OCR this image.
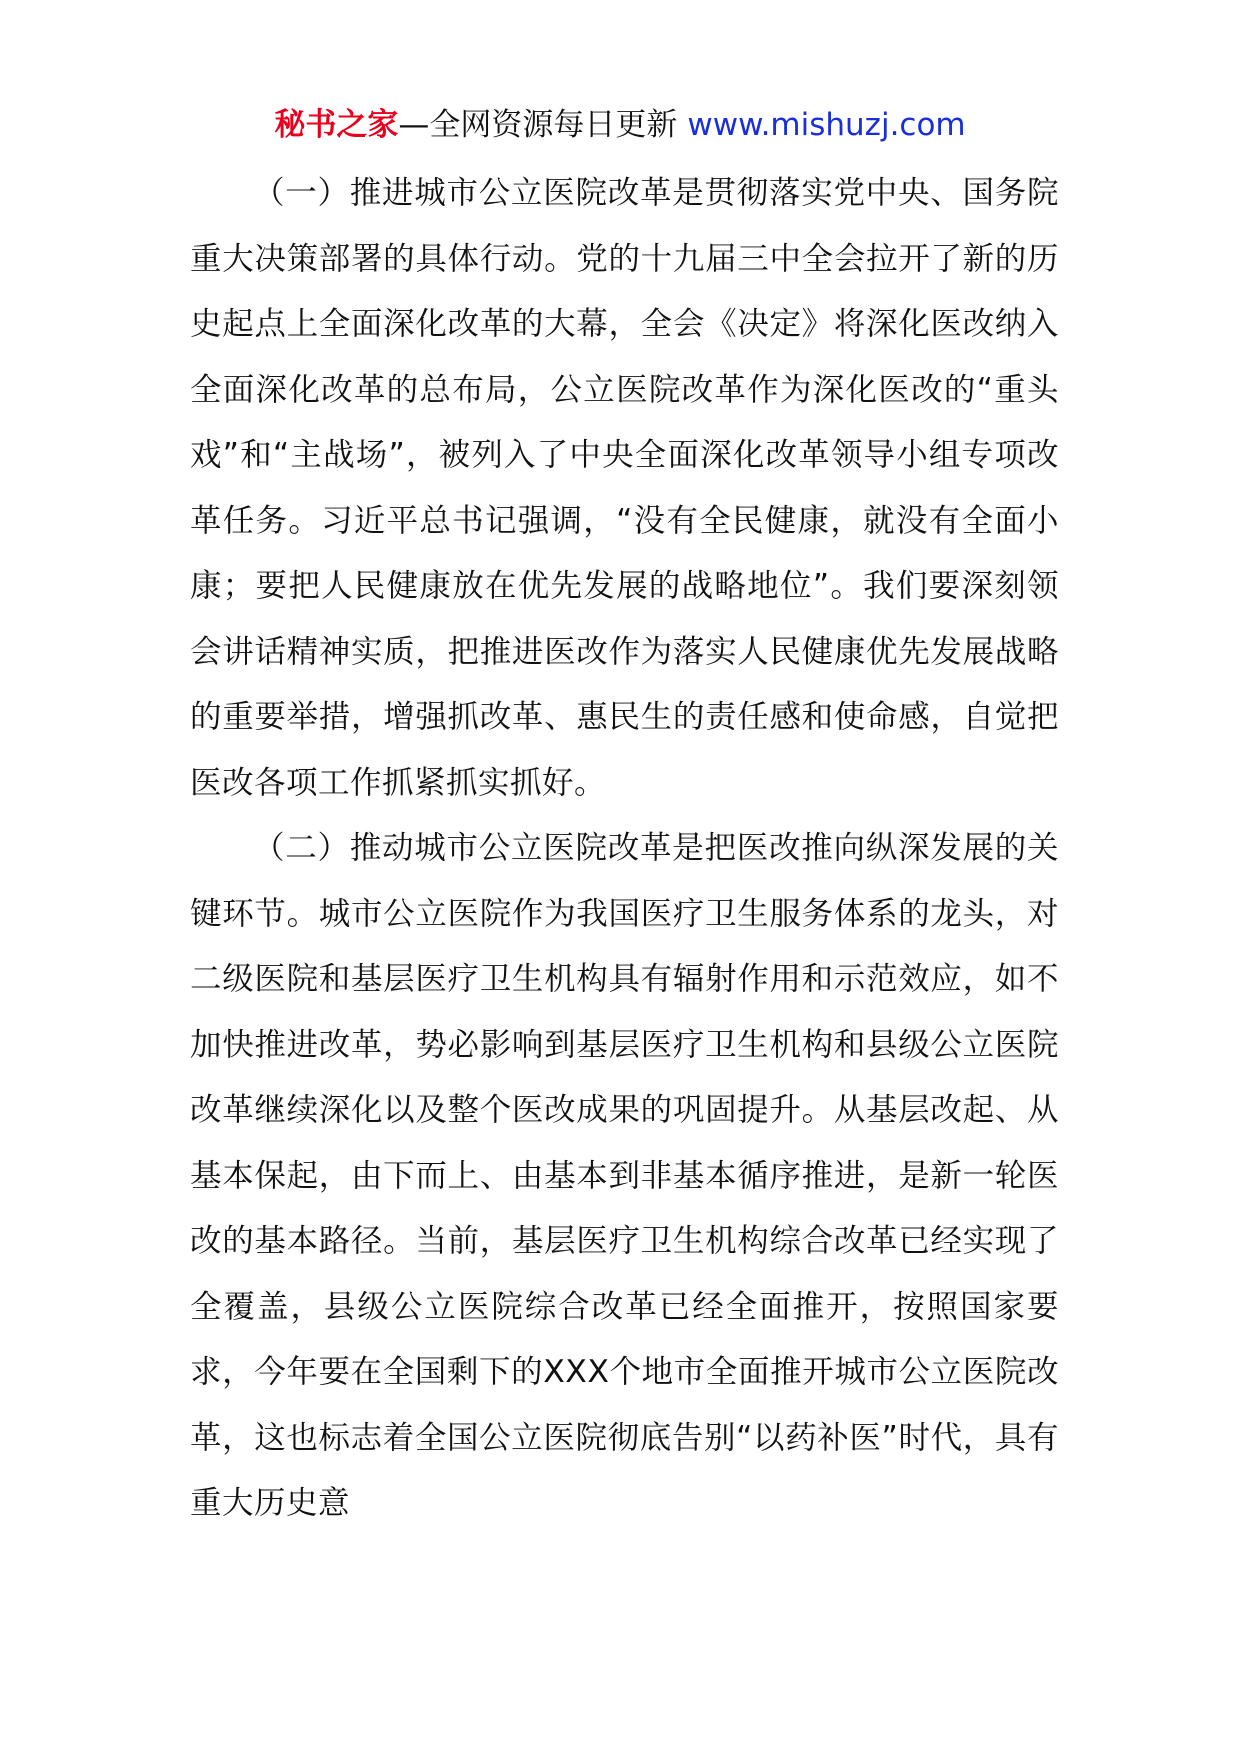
秘书之家—全网资源每日更新 www.mishuzj.com

（一）推进城市公立医院改革是贯彻落实党中央、国务院重大决策部署的具体行动。党的十九届三中全会拉开了新的历史起点上全面深化改革的大幕，全会《决定》将深化医改纳入全面深化改革的总布局，公立医院改革作为深化医改的“重头戏”和“主战场”，被列入了中央全面深化改革领导小组专项改革任务。习近平总书记强调，“没有全民健康，就没有全面小康；要把人民健康放在优先发展的战略地位”。我们要深刻领会讲话精神实质，把推进医改作为落实人民健康优先发展战略的重要举措，增强抓改革、惠民生的责任感和使命感，自觉把医改各项工作抓紧抓实抓好。

（二）推动城市公立医院改革是把医改推向纵深发展的关键环节。城市公立医院作为我国医疗卫生服务体系的龙头，对二级医院和基层医疗卫生机构具有辐射作用和示范效应，如不加快推进改革，势必影响到基层医疗卫生机构和县级公立医院改革继续深化以及整个医改成果的巩固提升。从基层改起、从基本保起，由下而上、由基本到非基本循序推进，是新一轮医改的基本路径。当前，基层医疗卫生机构综合改革已经实现了全覆盖，县级公立医院综合改革已经全面推开，按照国家要求，今年要在全国剩下的XXX个地市全面推开城市公立医院改革，这也标志着全国公立医院彻底告别“以药补医”时代，具有重大历史意
